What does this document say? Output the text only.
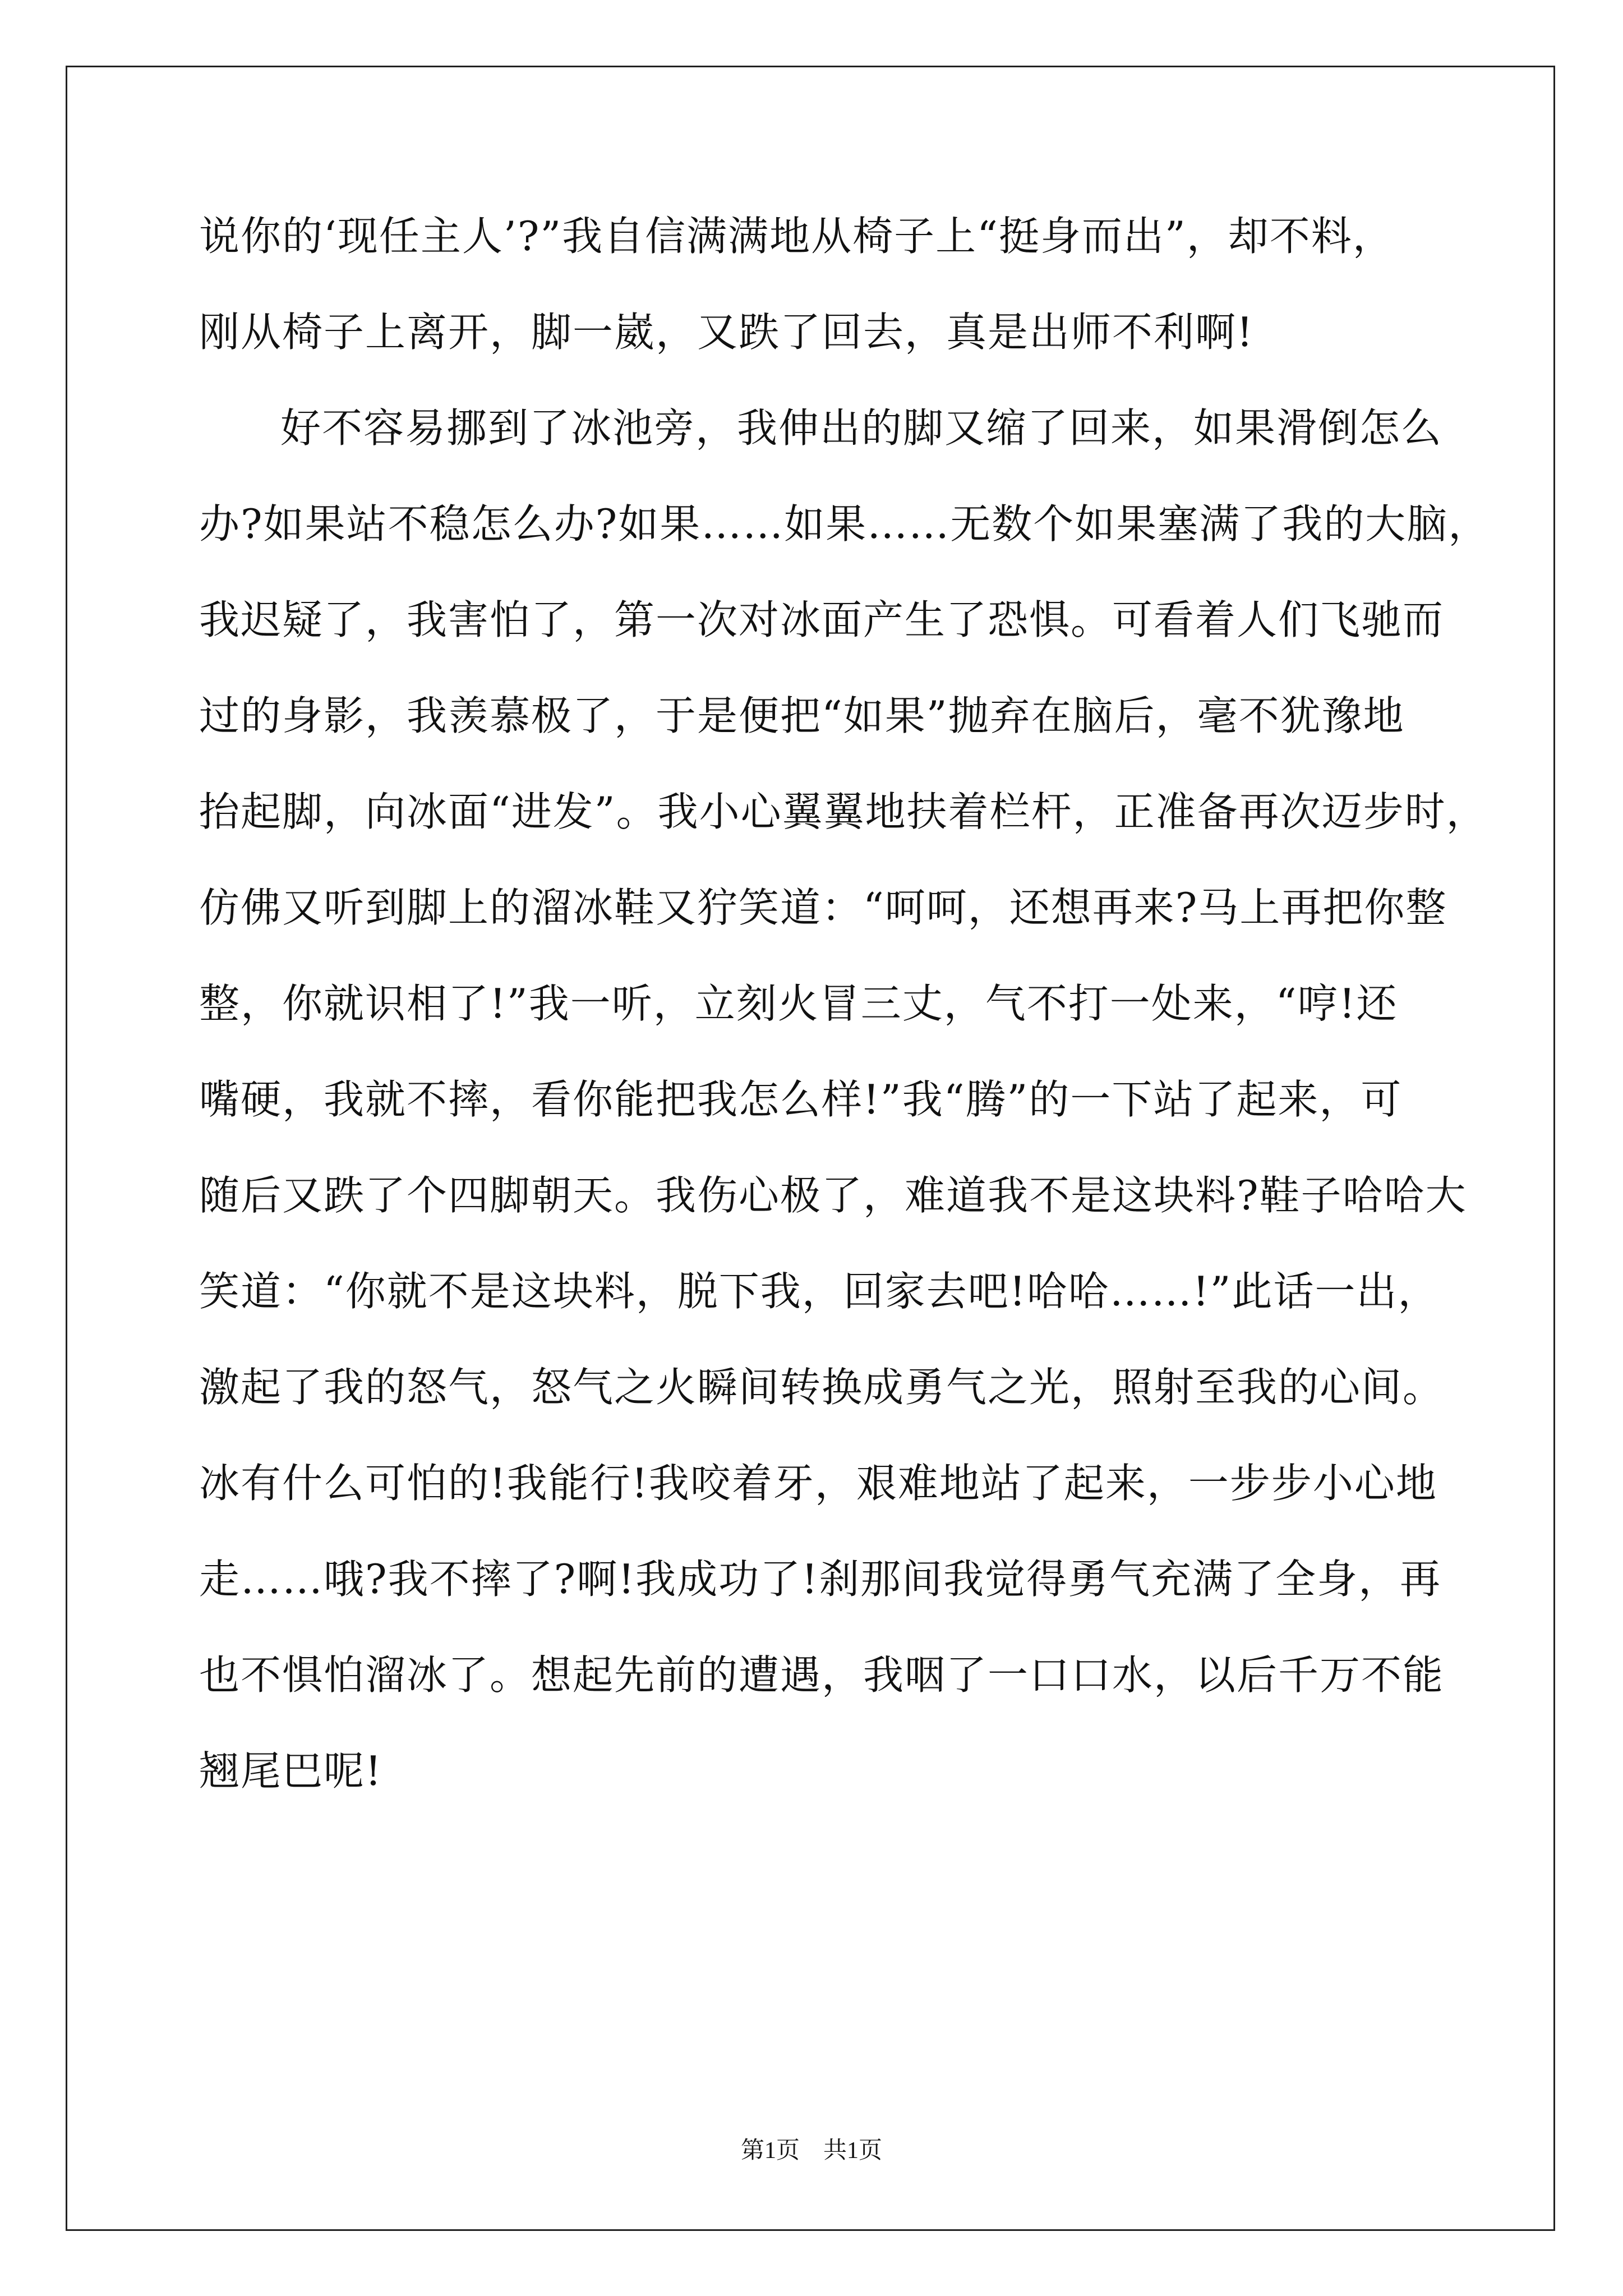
说你的‘现任主人’?”我自信满满地从椅子上“挺身而出”，却不料，
刚从椅子上离开，脚一崴，又跌了回去，真是出师不利啊!
好不容易挪到了冰池旁，我伸出的脚又缩了回来，如果滑倒怎么
办?如果站不稳怎么办?如果……如果……无数个如果塞满了我的大脑，
我迟疑了，我害怕了，第一次对冰面产生了恐惧。可看着人们飞驰而
过的身影，我羡慕极了，于是便把“如果”抛弃在脑后，毫不犹豫地
抬起脚，向冰面“进发”。我小心翼翼地扶着栏杆，正准备再次迈步时，
仿佛又听到脚上的溜冰鞋又狞笑道：“呵呵，还想再来?马上再把你整
整，你就识相了!”我一听，立刻火冒三丈，气不打一处来，“哼!还
嘴硬，我就不摔，看你能把我怎么样!”我“腾”的一下站了起来，可
随后又跌了个四脚朝天。我伤心极了，难道我不是这块料?鞋子哈哈大
笑道：“你就不是这块料，脱下我，回家去吧!哈哈……!”此话一出，
激起了我的怒气，怒气之火瞬间转换成勇气之光，照射至我的心间。
冰有什么可怕的!我能行!我咬着牙，艰难地站了起来，一步步小心地
走……哦?我不摔了?啊!我成功了!刹那间我觉得勇气充满了全身，再
也不惧怕溜冰了。想起先前的遭遇，我咽了一口口水，以后千万不能
翘尾巴呢!
第1页　共1页
